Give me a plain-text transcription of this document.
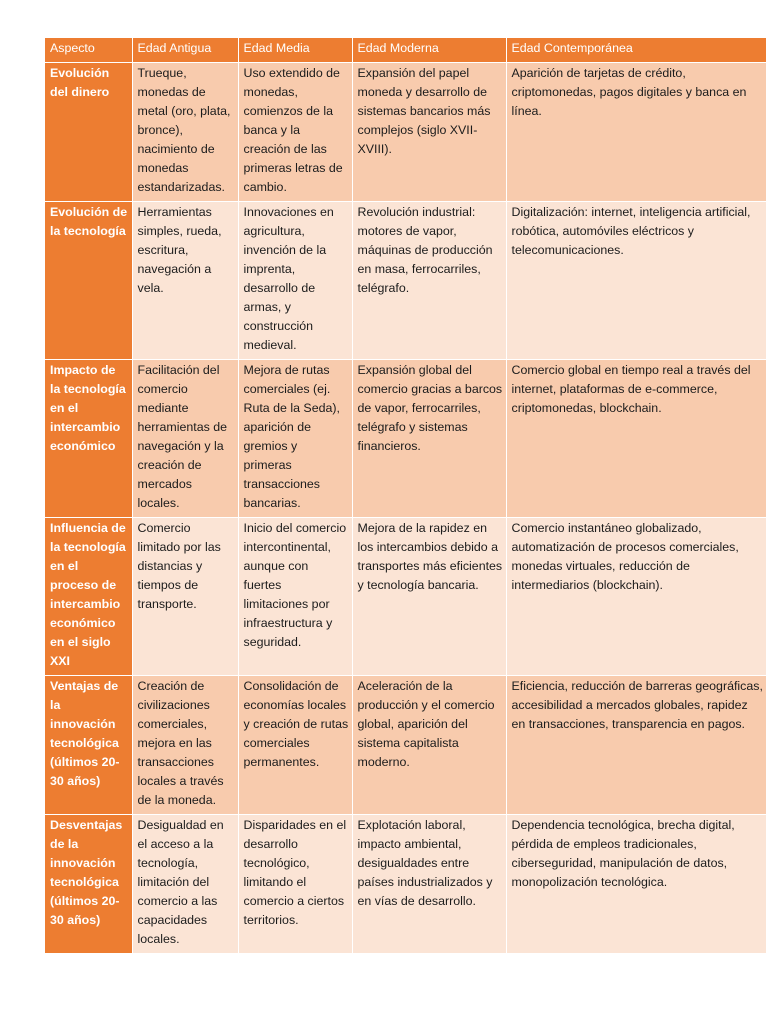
Aspecto	Edad Antigua	Edad Media	Edad Moderna	Edad Contemporánea
Evolución del dinero	Trueque, monedas de metal (oro, plata, bronce), nacimiento de monedas estandarizadas.	Uso extendido de monedas, comienzos de la banca y la creación de las primeras letras de cambio.	Expansión del papel moneda y desarrollo de sistemas bancarios más complejos (siglo XVII-XVIII).	Aparición de tarjetas de crédito, criptomonedas, pagos digitales y banca en línea.
Evolución de la tecnología	Herramientas simples, rueda, escritura, navegación a vela.	Innovaciones en agricultura, invención de la imprenta, desarrollo de armas, y construcción medieval.	Revolución industrial: motores de vapor, máquinas de producción en masa, ferrocarriles, telégrafo.	Digitalización: internet, inteligencia artificial, robótica, automóviles eléctricos y telecomunicaciones.
Impacto de la tecnología en el intercambio económico	Facilitación del comercio mediante herramientas de navegación y la creación de mercados locales.	Mejora de rutas comerciales (ej. Ruta de la Seda), aparición de gremios y primeras transacciones bancarias.	Expansión global del comercio gracias a barcos de vapor, ferrocarriles, telégrafo y sistemas financieros.	Comercio global en tiempo real a través del internet, plataformas de e-commerce, criptomonedas, blockchain.
Influencia de la tecnología en el proceso de intercambio económico en el siglo XXI	Comercio limitado por las distancias y tiempos de transporte.	Inicio del comercio intercontinental, aunque con fuertes limitaciones por infraestructura y seguridad.	Mejora de la rapidez en los intercambios debido a transportes más eficientes y tecnología bancaria.	Comercio instantáneo globalizado, automatización de procesos comerciales, monedas virtuales, reducción de intermediarios (blockchain).
Ventajas de la innovación tecnológica (últimos 20-30 años)	Creación de civilizaciones comerciales, mejora en las transacciones locales a través de la moneda.	Consolidación de economías locales y creación de rutas comerciales permanentes.	Aceleración de la producción y el comercio global, aparición del sistema capitalista moderno.	Eficiencia, reducción de barreras geográficas, accesibilidad a mercados globales, rapidez en transacciones, transparencia en pagos.
Desventajas de la innovación tecnológica (últimos 20-30 años)	Desigualdad en el acceso a la tecnología, limitación del comercio a las capacidades locales.	Disparidades en el desarrollo tecnológico, limitando el comercio a ciertos territorios.	Explotación laboral, impacto ambiental, desigualdades entre países industrializados y en vías de desarrollo.	Dependencia tecnológica, brecha digital, pérdida de empleos tradicionales, ciberseguridad, manipulación de datos, monopolización tecnológica.
